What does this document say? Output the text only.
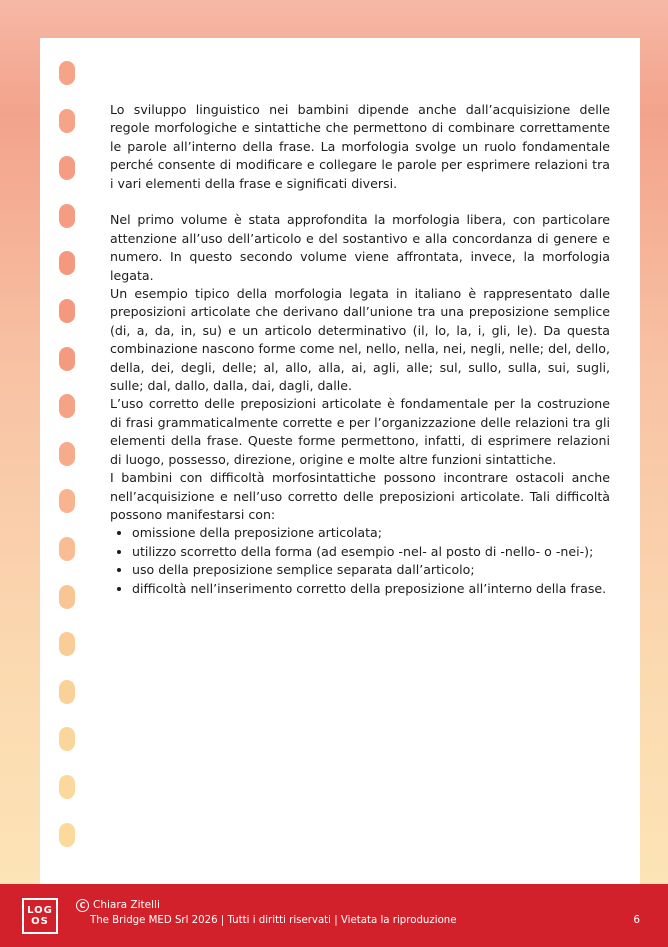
Lo sviluppo linguistico nei bambini dipende anche dall’acquisizione delle regole morfologiche e sintattiche che permettono di combinare correttamente le parole all’interno della frase. La morfologia svolge un ruolo fondamentale perché consente di modificare e collegare le parole per esprimere relazioni tra i vari elementi della frase e significati diversi.

Nel primo volume è stata approfondita la morfologia libera, con particolare attenzione all’uso dell’articolo e del sostantivo e alla concordanza di genere e numero. In questo secondo volume viene affrontata, invece, la morfologia legata.

Un esempio tipico della morfologia legata in italiano è rappresentato dalle preposizioni articolate che derivano dall’unione tra una preposizione semplice (di, a, da, in, su) e un articolo determinativo (il, lo, la, i, gli, le). Da questa combinazione nascono forme come nel, nello, nella, nei, negli, nelle; del, dello, della, dei, degli, delle; al, allo, alla, ai, agli, alle; sul, sullo, sulla, sui, sugli, sulle; dal, dallo, dalla, dai, dagli, dalle.

L’uso corretto delle preposizioni articolate è fondamentale per la costruzione di frasi grammaticalmente corrette e per l’organizzazione delle relazioni tra gli elementi della frase. Queste forme permettono, infatti, di esprimere relazioni di luogo, possesso, direzione, origine e molte altre funzioni sintattiche.

I bambini con difficoltà morfosintattiche possono incontrare ostacoli anche nell’acquisizione e nell’uso corretto delle preposizioni articolate. Tali difficoltà possono manifestarsi con:

• omissione della preposizione articolata;
• utilizzo scorretto della forma (ad esempio -nel- al posto di -nello- o -nei-);
• uso della preposizione semplice separata dall’articolo;
• difficoltà nell’inserimento corretto della preposizione all’interno della frase.
LOG
OS
C Chiara Zitelli
The Bridge MED Srl 2026 | Tutti i diritti riservati | Vietata la riproduzione	6
